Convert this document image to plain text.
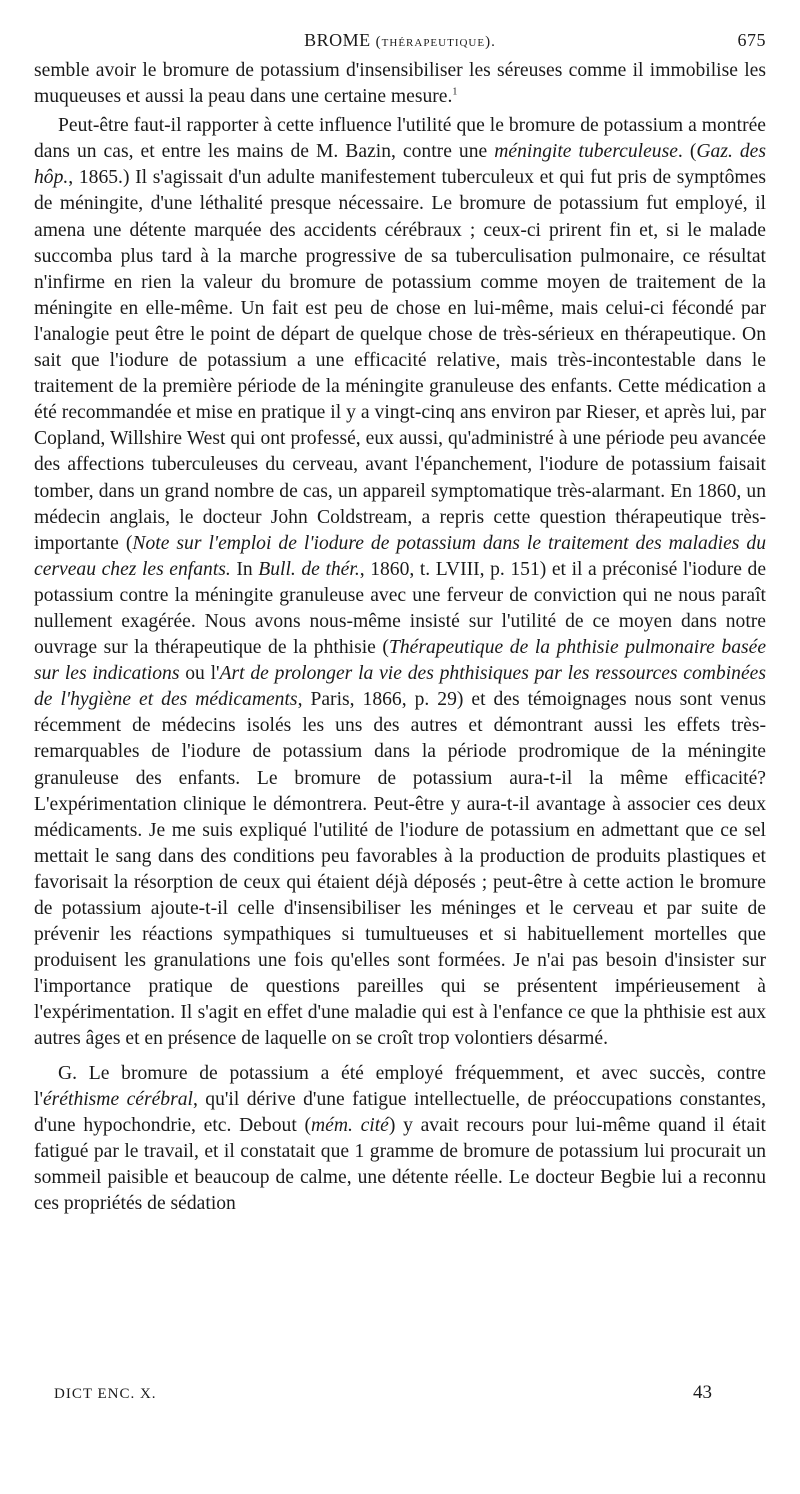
BROME (thérapeutique).	675

semble avoir le bromure de potassium d'insensibiliser les séreuses comme il immobilise les muqueuses et aussi la peau dans une certaine mesure.$^1$

Peut-être faut-il rapporter à cette influence l'utilité que le bromure de potassium a montrée dans un cas, et entre les mains de M. Bazin, contre une méningite tuberculeuse. (Gaz. des hôp., 1865.) Il s'agissait d'un adulte manifestement tuberculeux et qui fut pris de symptômes de méningite, d'une léthalité presque nécessaire. Le bromure de potassium fut employé, il amena une détente marquée des accidents cérébraux ; ceux-ci prirent fin et, si le malade succomba plus tard à la marche progressive de sa tuberculisation pulmonaire, ce résultat n'infirme en rien la valeur du bromure de potassium comme moyen de traitement de la méningite en elle-même. Un fait est peu de chose en lui-même, mais celui-ci fécondé par l'analogie peut être le point de départ de quelque chose de très-sérieux en thérapeutique. On sait que l'iodure de potassium a une efficacité relative, mais très-incontestable dans le traitement de la première période de la méningite granuleuse des enfants. Cette médication a été recommandée et mise en pratique il y a vingt-cinq ans environ par Rieser, et après lui, par Copland, Willshire West qui ont professé, eux aussi, qu'administré à une période peu avancée des affections tuberculeuses du cerveau, avant l'épanchement, l'iodure de potassium faisait tomber, dans un grand nombre de cas, un appareil symptomatique très-alarmant. En 1860, un médecin anglais, le docteur John Coldstream, a repris cette question thérapeutique très-importante (Note sur l'emploi de l'iodure de potassium dans le traitement des maladies du cerveau chez les enfants. In Bull. de thér., 1860, t. LVIII, p. 151) et il a préconisé l'iodure de potassium contre la méningite granuleuse avec une ferveur de conviction qui ne nous paraît nullement exagérée. Nous avons nous-même insisté sur l'utilité de ce moyen dans notre ouvrage sur la thérapeutique de la phthisie (Thérapeutique de la phthisie pulmonaire basée sur les indications ou l'Art de prolonger la vie des phthisiques par les ressources combinées de l'hygiène et des médicaments, Paris, 1866, p. 29) et des témoignages nous sont venus récemment de médecins isolés les uns des autres et démontrant aussi les effets très-remarquables de l'iodure de potassium dans la période prodromique de la méningite granuleuse des enfants. Le bromure de potassium aura-t-il la même efficacité? L'expérimentation clinique le démontrera. Peut-être y aura-t-il avantage à associer ces deux médicaments. Je me suis expliqué l'utilité de l'iodure de potassium en admettant que ce sel mettait le sang dans des conditions peu favorables à la production de produits plastiques et favorisait la résorption de ceux qui étaient déjà déposés ; peut-être à cette action le bromure de potassium ajoute-t-il celle d'insensibiliser les méninges et le cerveau et par suite de prévenir les réactions sympathiques si tumultueuses et si habituellement mortelles que produisent les granulations une fois qu'elles sont formées. Je n'ai pas besoin d'insister sur l'importance pratique de questions pareilles qui se présentent impérieusement à l'expérimentation. Il s'agit en effet d'une maladie qui est à l'enfance ce que la phthisie est aux autres âges et en présence de laquelle on se croît trop volontiers désarmé.

G. Le bromure de potassium a été employé fréquemment, et avec succès, contre l'éréthisme cérébral, qu'il dérive d'une fatigue intellectuelle, de préoccupations constantes, d'une hypochondrie, etc. Debout (mém. cité) y avait recours pour lui-même quand il était fatigué par le travail, et il constatait que 1 gramme de bromure de potassium lui procurait un sommeil paisible et beaucoup de calme, une détente réelle. Le docteur Begbie lui a reconnu ces propriétés de sédation

DICT ENC. X.	43
